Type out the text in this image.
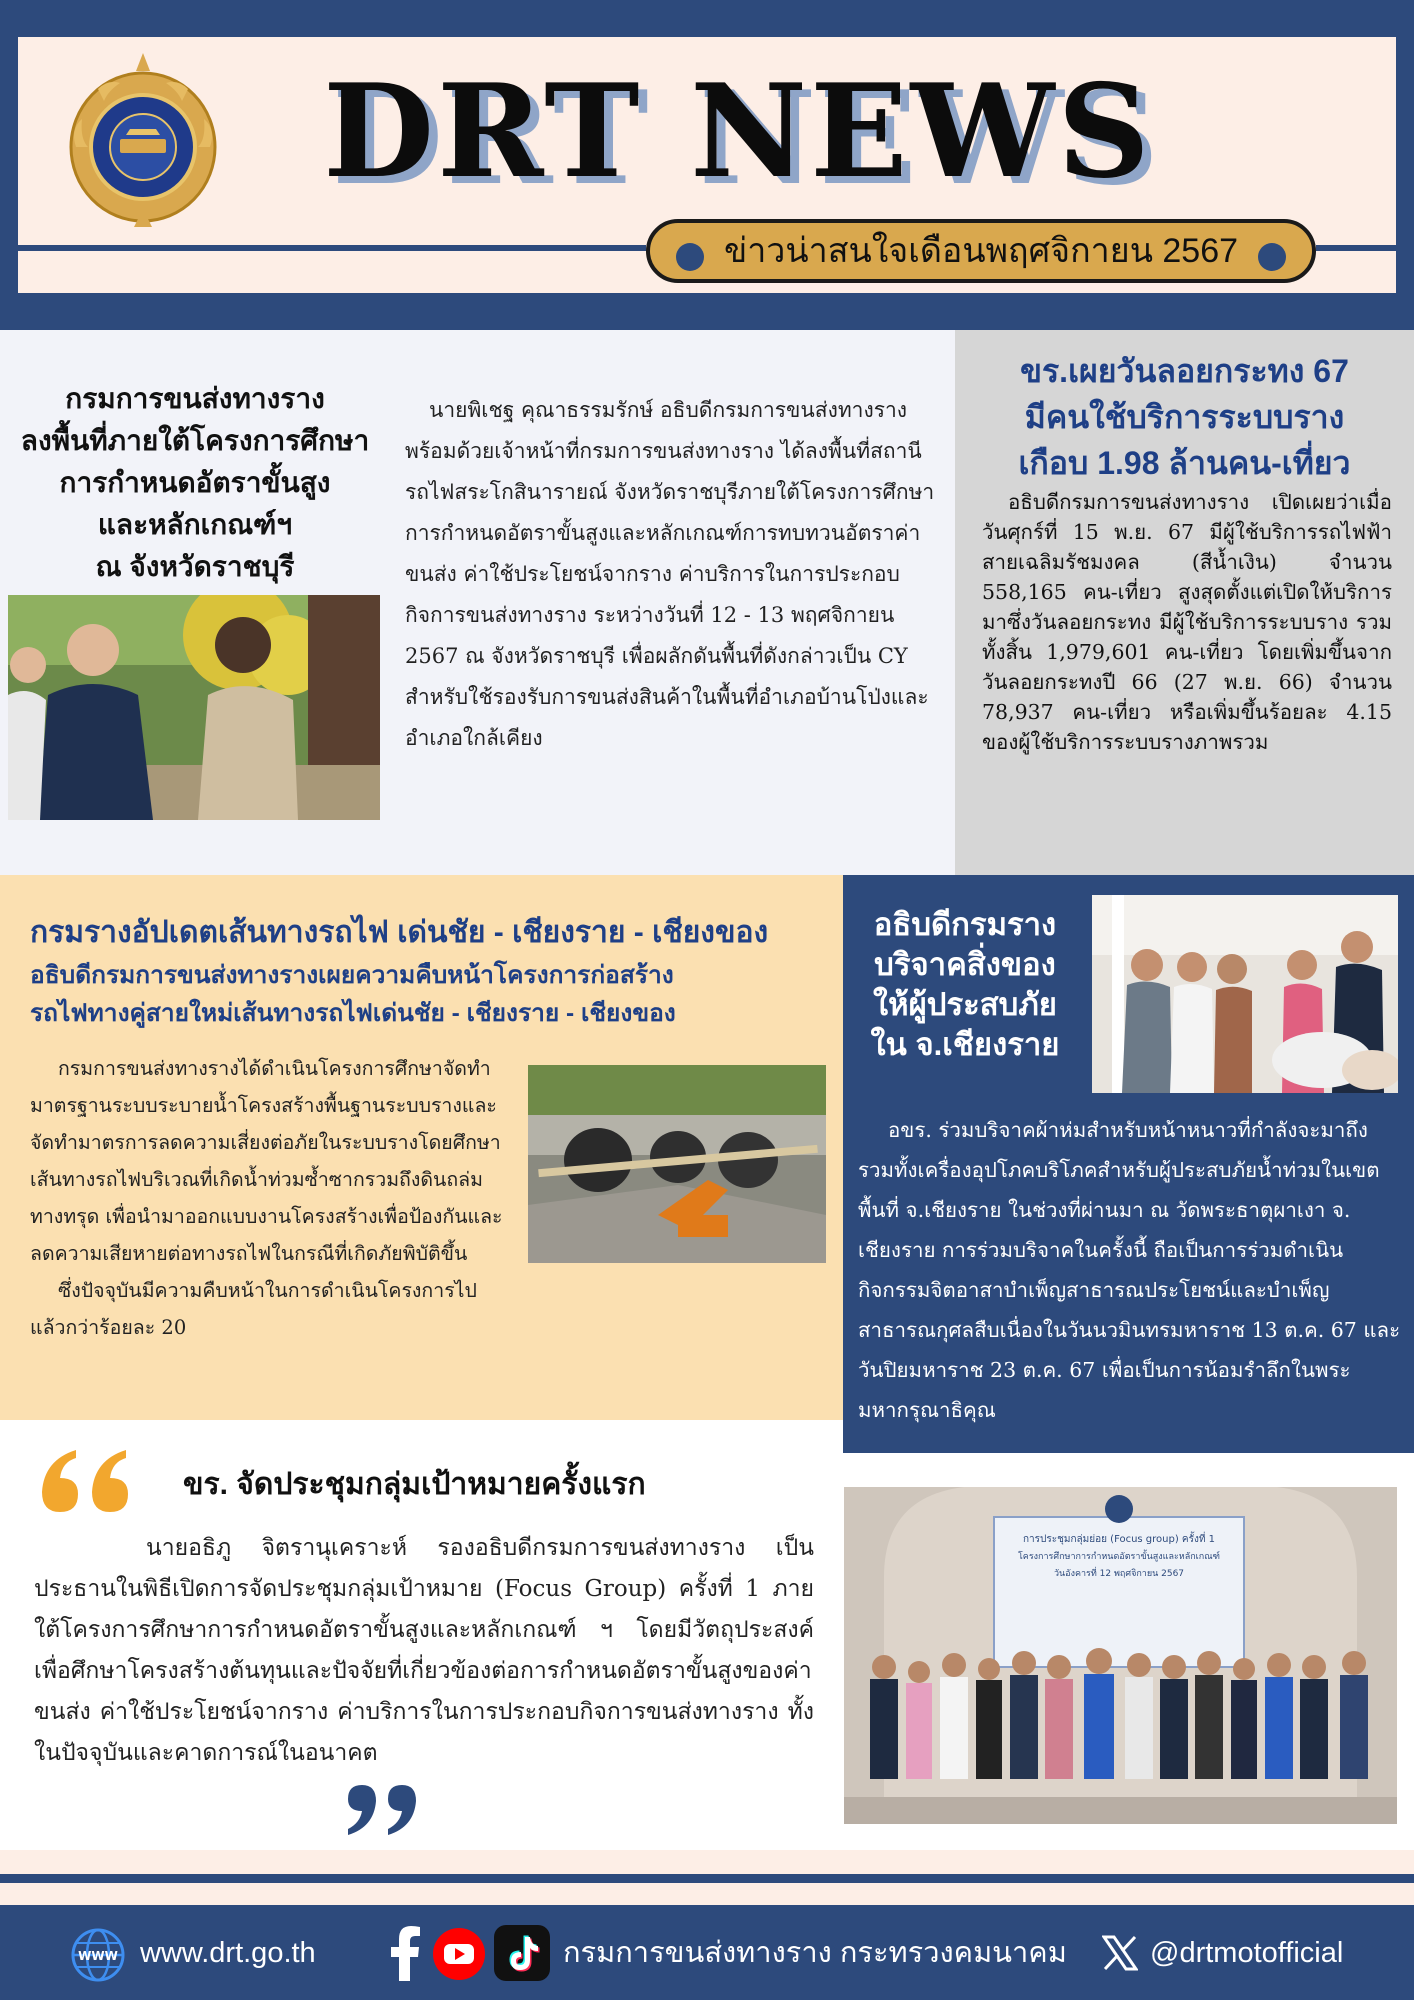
DRT NEWS
ข่าวน่าสนใจเดือนพฤศจิกายน 2567
กรมการขนส่งทางราง
ลงพื้นที่ภายใต้โครงการศึกษา
การกำหนดอัตราขั้นสูง
และหลักเกณฑ์ฯ
ณ จังหวัดราชบุรี
นายพิเชฐ คุณาธรรมรักษ์ อธิบดีกรมการขนส่งทางราง พร้อมด้วยเจ้าหน้าที่กรมการขนส่งทางราง ได้ลงพื้นที่สถานีรถไฟสระโกสินารายณ์ จังหวัดราชบุรีภายใต้โครงการศึกษาการกำหนดอัตราขั้นสูงและหลักเกณฑ์การทบทวนอัตราค่าขนส่ง ค่าใช้ประโยชน์จากราง ค่าบริการในการประกอบกิจการขนส่งทางราง ระหว่างวันที่ 12 - 13 พฤศจิกายน 2567 ณ จังหวัดราชบุรี เพื่อผลักดันพื้นที่ดังกล่าวเป็น CY สำหรับใช้รองรับการขนส่งสินค้าในพื้นที่อำเภอบ้านโป่งและอำเภอใกล้เคียง
ขร.เผยวันลอยกระทง 67
มีคนใช้บริการระบบราง
เกือบ 1.98 ล้านคน-เที่ยว
อธิบดีกรมการขนส่งทางราง เปิดเผยว่าเมื่อวันศุกร์ที่ 15 พ.ย. 67 มีผู้ใช้บริการรถไฟฟ้าสายเฉลิมรัชมงคล (สีน้ำเงิน) จำนวน 558,165 คน-เที่ยว สูงสุดตั้งแต่เปิดให้บริการมาซึ่งวันลอยกระทง มีผู้ใช้บริการระบบราง รวมทั้งสิ้น 1,979,601 คน-เที่ยว โดยเพิ่มขึ้นจากวันลอยกระทงปี 66 (27 พ.ย. 66) จำนวน 78,937 คน-เที่ยว หรือเพิ่มขึ้นร้อยละ 4.15 ของผู้ใช้บริการระบบรางภาพรวม
กรมรางอัปเดตเส้นทางรถไฟ เด่นชัย - เชียงราย - เชียงของ
อธิบดีกรมการขนส่งทางรางเผยความคืบหน้าโครงการก่อสร้าง
รถไฟทางคู่สายใหม่เส้นทางรถไฟเด่นชัย - เชียงราย - เชียงของ

กรมการขนส่งทางรางได้ดำเนินโครงการศึกษาจัดทำมาตรฐานระบบระบายน้ำโครงสร้างพื้นฐานระบบรางและจัดทำมาตรการลดความเสี่ยงต่อภัยในระบบรางโดยศึกษาเส้นทางรถไฟบริเวณที่เกิดน้ำท่วมซ้ำซากรวมถึงดินถล่ม ทางทรุด เพื่อนำมาออกแบบงานโครงสร้างเพื่อป้องกันและลดความเสียหายต่อทางรถไฟในกรณีที่เกิดภัยพิบัติขึ้น

ซึ่งปัจจุบันมีความคืบหน้าในการดำเนินโครงการไปแล้วกว่าร้อยละ 20

อธิบดีกรมราง
บริจาคสิ่งของ
ให้ผู้ประสบภัย
ใน จ.เชียงราย
อขร. ร่วมบริจาคผ้าห่มสำหรับหน้าหนาวที่กำลังจะมาถึง รวมทั้งเครื่องอุปโภคบริโภคสำหรับผู้ประสบภัยน้ำท่วมในเขตพื้นที่ จ.เชียงราย ในช่วงที่ผ่านมา ณ วัดพระธาตุผาเงา จ. เชียงราย การร่วมบริจาคในครั้งนี้ ถือเป็นการร่วมดำเนินกิจกรรมจิตอาสาบำเพ็ญสาธารณประโยชน์และบำเพ็ญสาธารณกุศลสืบเนื่องในวันนวมินทรมหาราช 13 ต.ค. 67 และวันปิยมหาราช 23 ต.ค. 67 เพื่อเป็นการน้อมรำลึกในพระมหากรุณาธิคุณ
ขร. จัดประชุมกลุ่มเป้าหมายครั้งแรก
นายอธิภู จิตรานุเคราะห์ รองอธิบดีกรมการขนส่งทางราง เป็นประธานในพิธีเปิดการจัดประชุมกลุ่มเป้าหมาย (Focus Group) ครั้งที่ 1 ภายใต้โครงการศึกษาการกำหนดอัตราขั้นสูงและหลักเกณฑ์ ฯ โดยมีวัตถุประสงค์เพื่อศึกษาโครงสร้างต้นทุนและปัจจัยที่เกี่ยวข้องต่อการกำหนดอัตราขั้นสูงของค่าขนส่ง ค่าใช้ประโยชน์จากราง ค่าบริการในการประกอบกิจการขนส่งทางราง ทั้งในปัจจุบันและคาดการณ์ในอนาคต
การประชุมกลุ่มย่อย (Focus group) ครั้งที่ 1
โครงการศึกษาการกำหนดอัตราขั้นสูงและหลักเกณฑ์
วันอังคารที่ 12 พฤศจิกายน 2567
WWW www.drt.go.th	กรมการขนส่งทางราง กระทรวงคมนาคม	@drtmotofficial
